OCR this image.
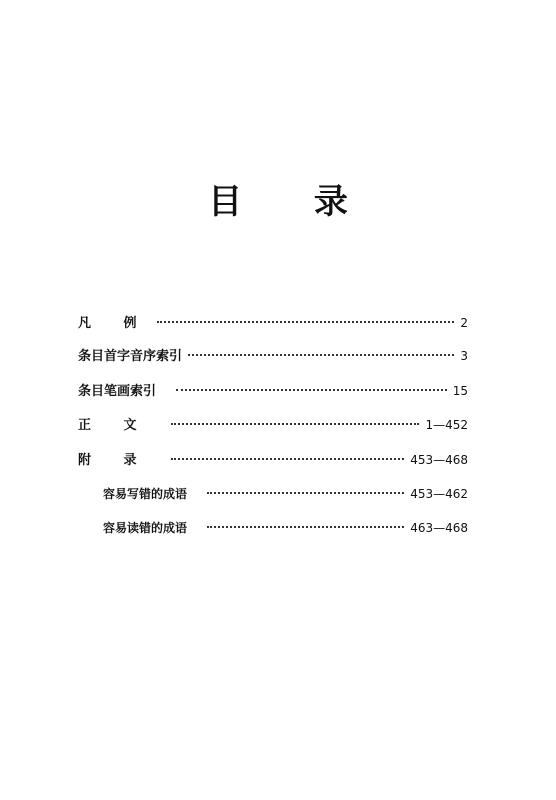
目 录
凡 例	2
条目首字音序索引	3
条目笔画索引	15
正 文	1—452
附 录	453—468
容易写错的成语	453—462
容易读错的成语	463—468
